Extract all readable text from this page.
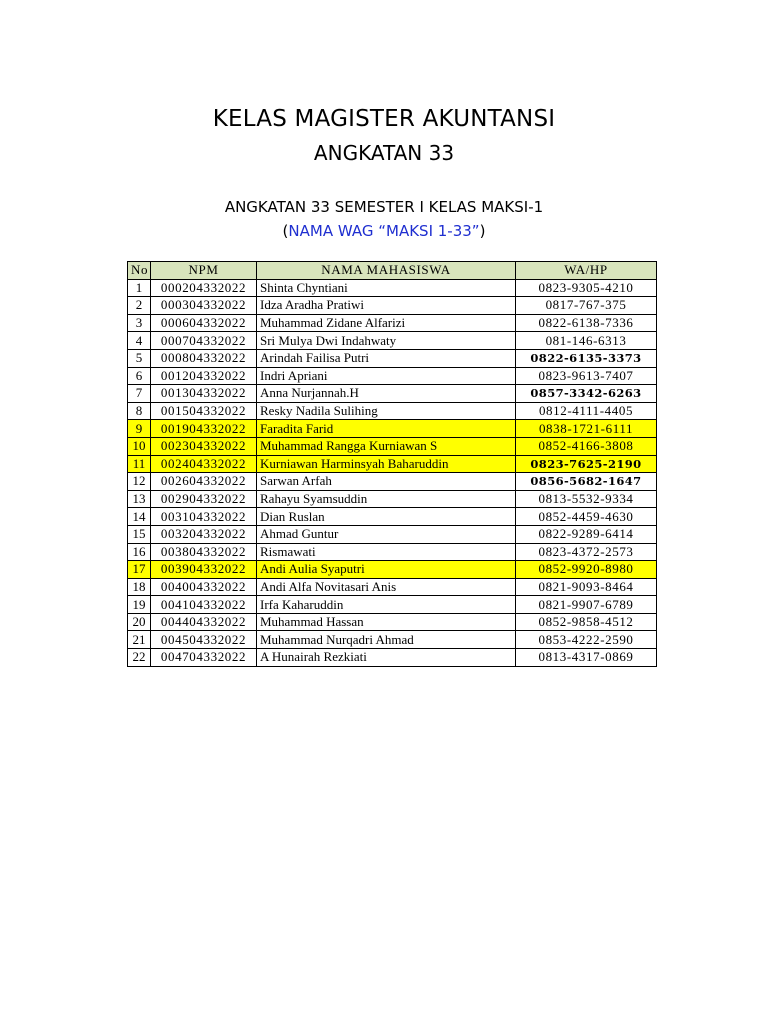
KELAS MAGISTER AKUNTANSI
ANGKATAN 33
ANGKATAN 33 SEMESTER I KELAS MAKSI-1
(NAMA WAG “MAKSI 1-33”)
No	NPM	NAMA MAHASISWA	WA/HP
1	000204332022	Shinta Chyntiani	0823-9305-4210
2	000304332022	Idza Aradha Pratiwi	0817-767-375
3	000604332022	Muhammad Zidane Alfarizi	0822-6138-7336
4	000704332022	Sri Mulya Dwi Indahwaty	081-146-6313
5	000804332022	Arindah Failisa Putri	0822-6135-3373
6	001204332022	Indri Apriani	0823-9613-7407
7	001304332022	Anna Nurjannah.H	0857-3342-6263
8	001504332022	Resky Nadila Sulihing	0812-4111-4405
9	001904332022	Faradita Farid	0838-1721-6111
10	002304332022	Muhammad Rangga Kurniawan S	0852-4166-3808
11	002404332022	Kurniawan Harminsyah Baharuddin	0823-7625-2190
12	002604332022	Sarwan Arfah	0856-5682-1647
13	002904332022	Rahayu Syamsuddin	0813-5532-9334
14	003104332022	Dian Ruslan	0852-4459-4630
15	003204332022	Ahmad Guntur	0822-9289-6414
16	003804332022	Rismawati	0823-4372-2573
17	003904332022	Andi Aulia Syaputri	0852-9920-8980
18	004004332022	Andi Alfa Novitasari Anis	0821-9093-8464
19	004104332022	Irfa Kaharuddin	0821-9907-6789
20	004404332022	Muhammad Hassan	0852-9858-4512
21	004504332022	Muhammad Nurqadri Ahmad	0853-4222-2590
22	004704332022	A Hunairah Rezkiati	0813-4317-0869
